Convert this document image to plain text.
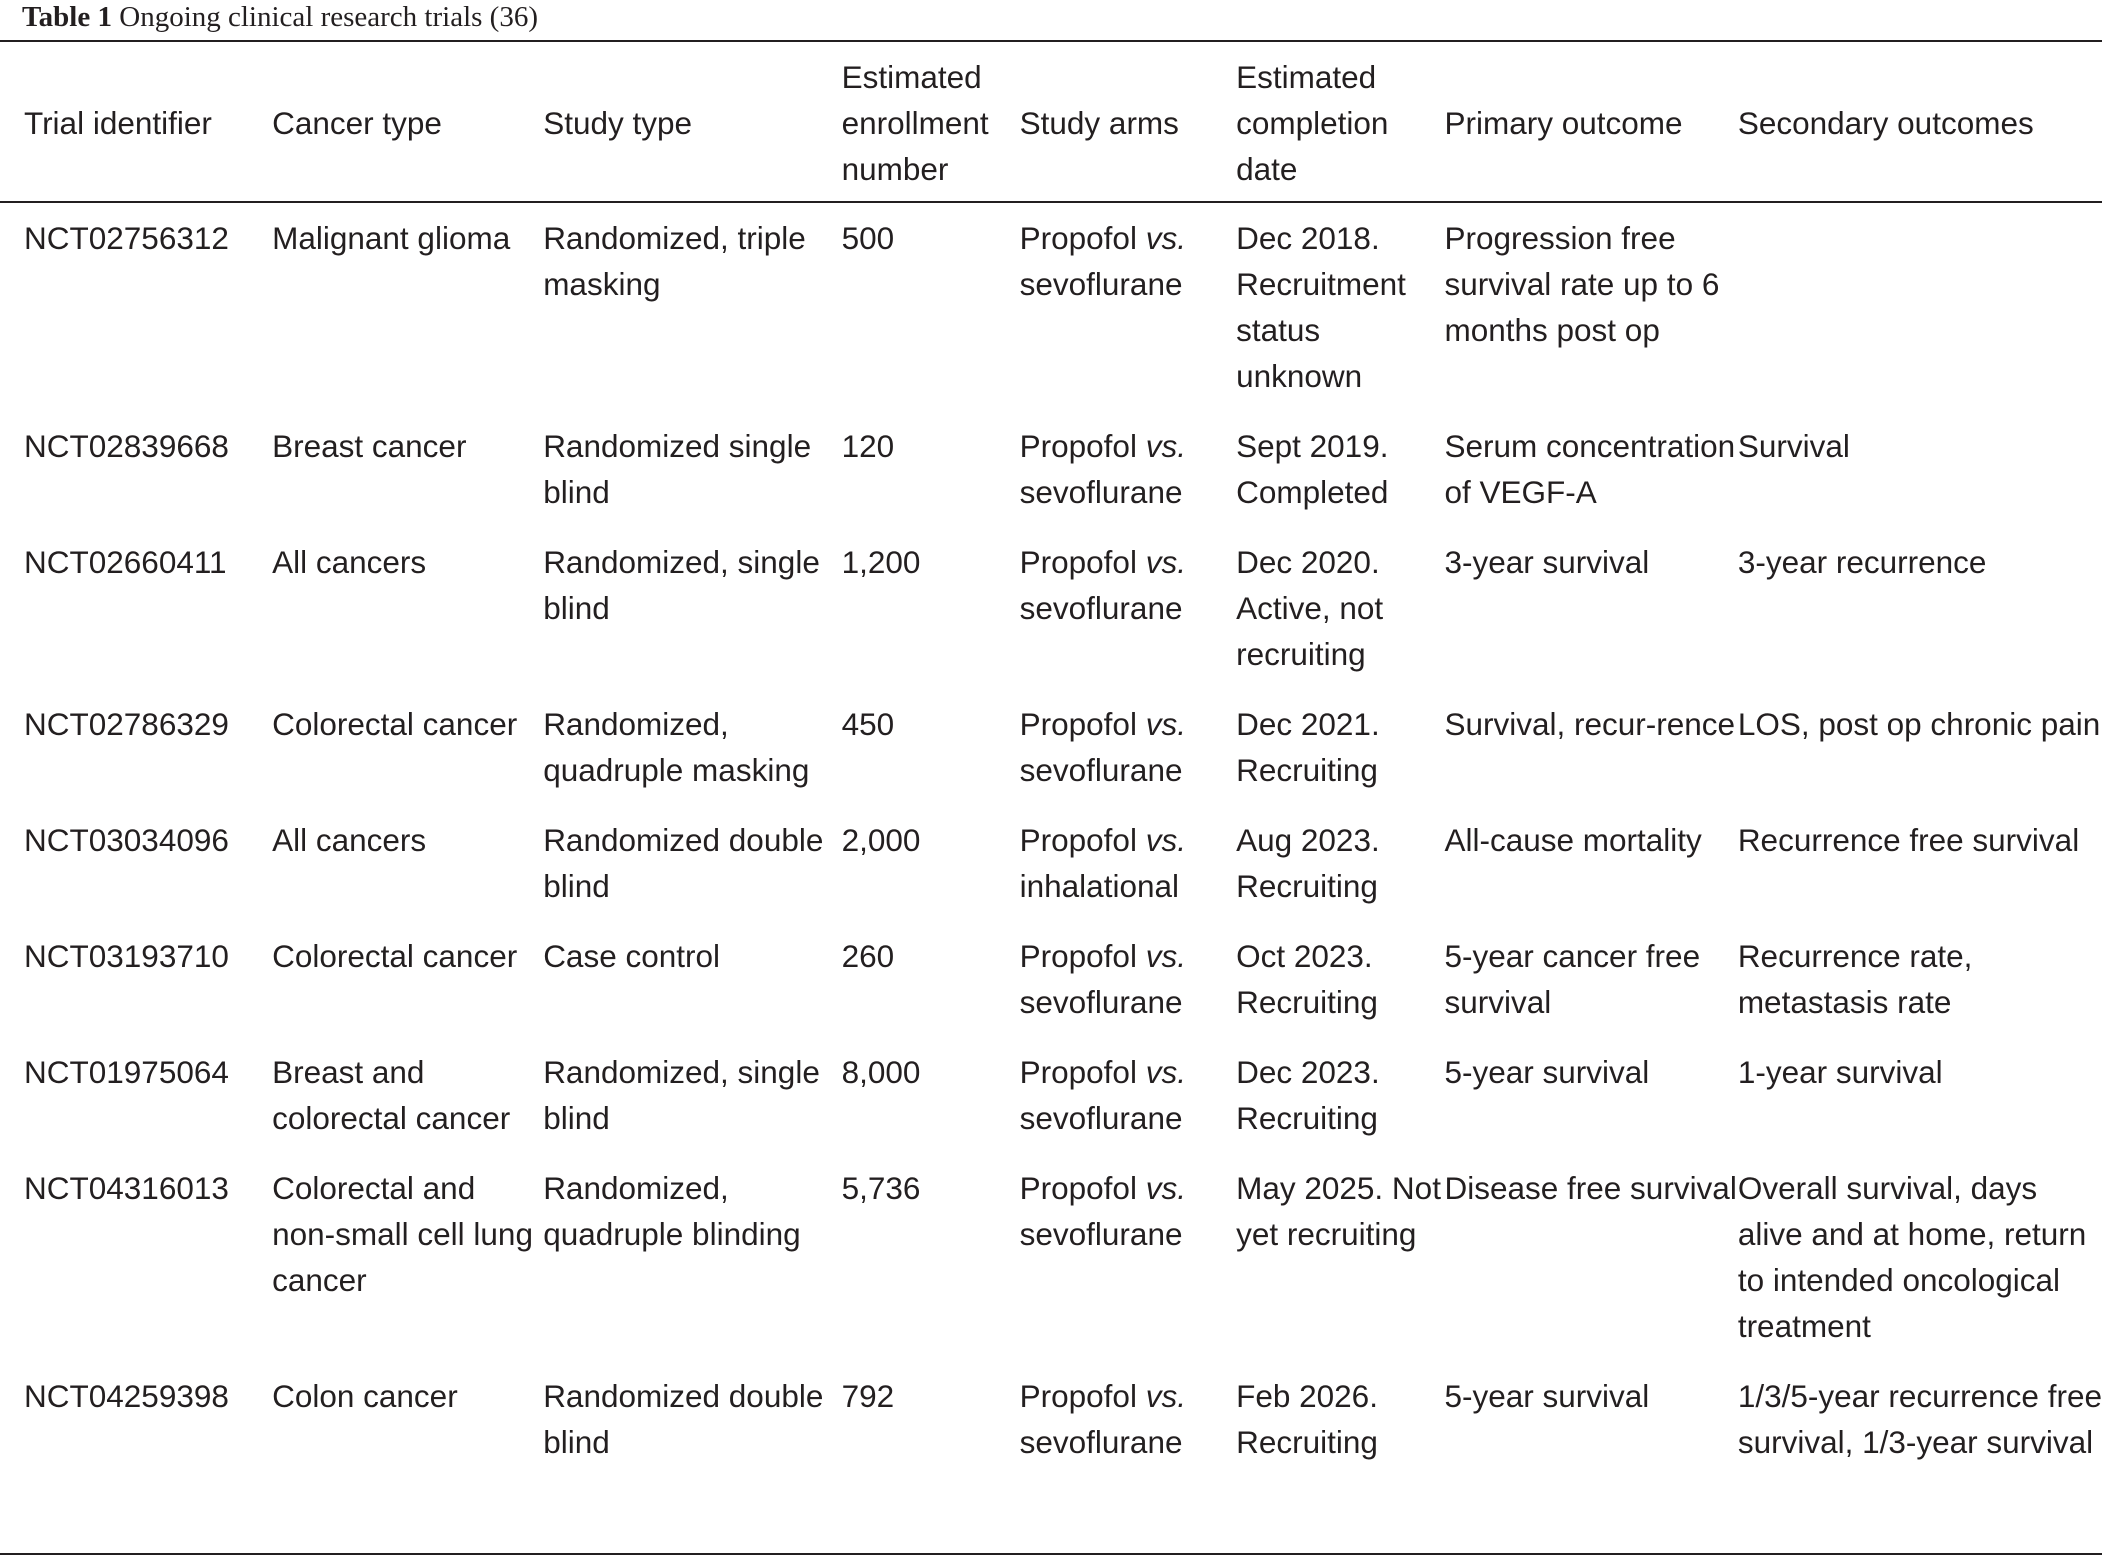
Table 1 Ongoing clinical research trials (36)
Trial identifier	Cancer type	Study type	Estimated enrollment number	Study arms	Estimated completion date	Primary outcome	Secondary outcomes
NCT02756312	Malignant glioma	Randomized, triple masking	500	Propofol vs. sevoflurane	Dec 2018. Recruitment status unknown	Progression free survival rate up to 6 months post op	
NCT02839668	Breast cancer	Randomized single blind	120	Propofol vs. sevoflurane	Sept 2019. Completed	Serum concentration of VEGF-A	Survival
NCT02660411	All cancers	Randomized, single blind	1,200	Propofol vs. sevoflurane	Dec 2020. Active, not recruiting	3-year survival	3-year recurrence
NCT02786329	Colorectal cancer	Randomized, quadruple masking	450	Propofol vs. sevoflurane	Dec 2021. Recruiting	Survival, recur-rence	LOS, post op chronic pain
NCT03034096	All cancers	Randomized double blind	2,000	Propofol vs. inhalational	Aug 2023. Recruiting	All-cause mortality	Recurrence free survival
NCT03193710	Colorectal cancer	Case control	260	Propofol vs. sevoflurane	Oct 2023. Recruiting	5-year cancer free survival	Recurrence rate, metastasis rate
NCT01975064	Breast and colorectal cancer	Randomized, single blind	8,000	Propofol vs. sevoflurane	Dec 2023. Recruiting	5-year survival	1-year survival
NCT04316013	Colorectal and non-small cell lung cancer	Randomized, quadruple blinding	5,736	Propofol vs. sevoflurane	May 2025. Not yet recruiting	Disease free survival	Overall survival, days alive and at home, return to intended oncological treatment
NCT04259398	Colon cancer	Randomized double blind	792	Propofol vs. sevoflurane	Feb 2026. Recruiting	5-year survival	1/3/5-year recurrence free survival, 1/3-year survival
